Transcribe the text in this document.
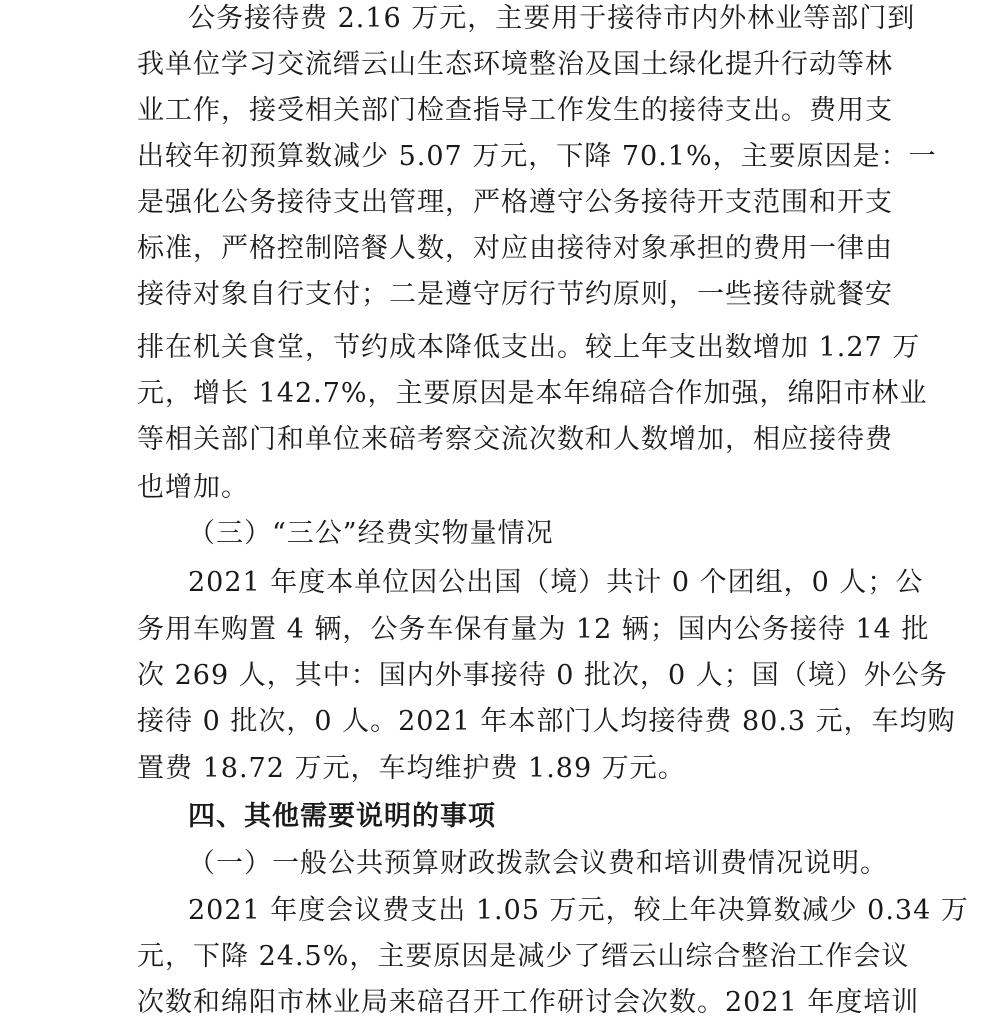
公务接待费 2.16 万元，主要用于接待市内外林业等部门到
我单位学习交流缙云山生态环境整治及国土绿化提升行动等林
业工作，接受相关部门检查指导工作发生的接待支出。费用支
出较年初预算数减少 5.07 万元，下降 70.1%，主要原因是：一
是强化公务接待支出管理，严格遵守公务接待开支范围和开支
标准，严格控制陪餐人数，对应由接待对象承担的费用一律由
接待对象自行支付；二是遵守厉行节约原则，一些接待就餐安
排在机关食堂，节约成本降低支出。较上年支出数增加 1.27 万
元，增长 142.7%，主要原因是本年绵碚合作加强，绵阳市林业
等相关部门和单位来碚考察交流次数和人数增加，相应接待费
也增加。
（三）“三公”经费实物量情况
2021 年度本单位因公出国（境）共计 0 个团组，0 人；公
务用车购置 4 辆，公务车保有量为 12 辆；国内公务接待 14 批
次 269 人，其中：国内外事接待 0 批次，0 人；国（境）外公务
接待 0 批次，0 人。2021 年本部门人均接待费 80.3 元，车均购
置费 18.72 万元，车均维护费 1.89 万元。
四、其他需要说明的事项
（一）一般公共预算财政拨款会议费和培训费情况说明。
2021 年度会议费支出 1.05 万元，较上年决算数减少 0.34 万
元，下降 24.5%，主要原因是减少了缙云山综合整治工作会议
次数和绵阳市林业局来碚召开工作研讨会次数。2021 年度培训
